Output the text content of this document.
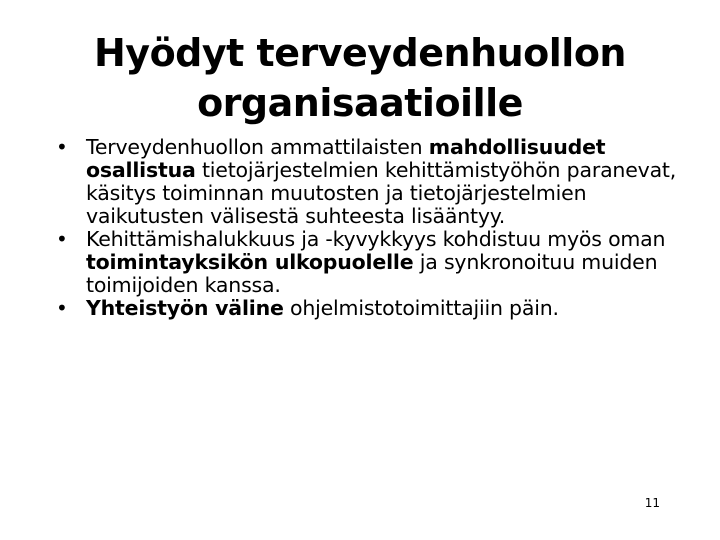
Hyödyt terveydenhuollon
organisaatioille
• Terveydenhuollon ammattilaisten mahdollisuudet osallistua tietojärjestelmien kehittämistyöhön paranevat, käsitys toiminnan muutosten ja tietojärjestelmien vaikutusten välisestä suhteesta lisääntyy.
• Kehittämishalukkuus ja -kyvykkyys kohdistuu myös oman toimintayksikön ulkopuolelle ja synkronoituu muiden toimijoiden kanssa.
• Yhteistyön väline ohjelmistotoimittajiin päin.
11
